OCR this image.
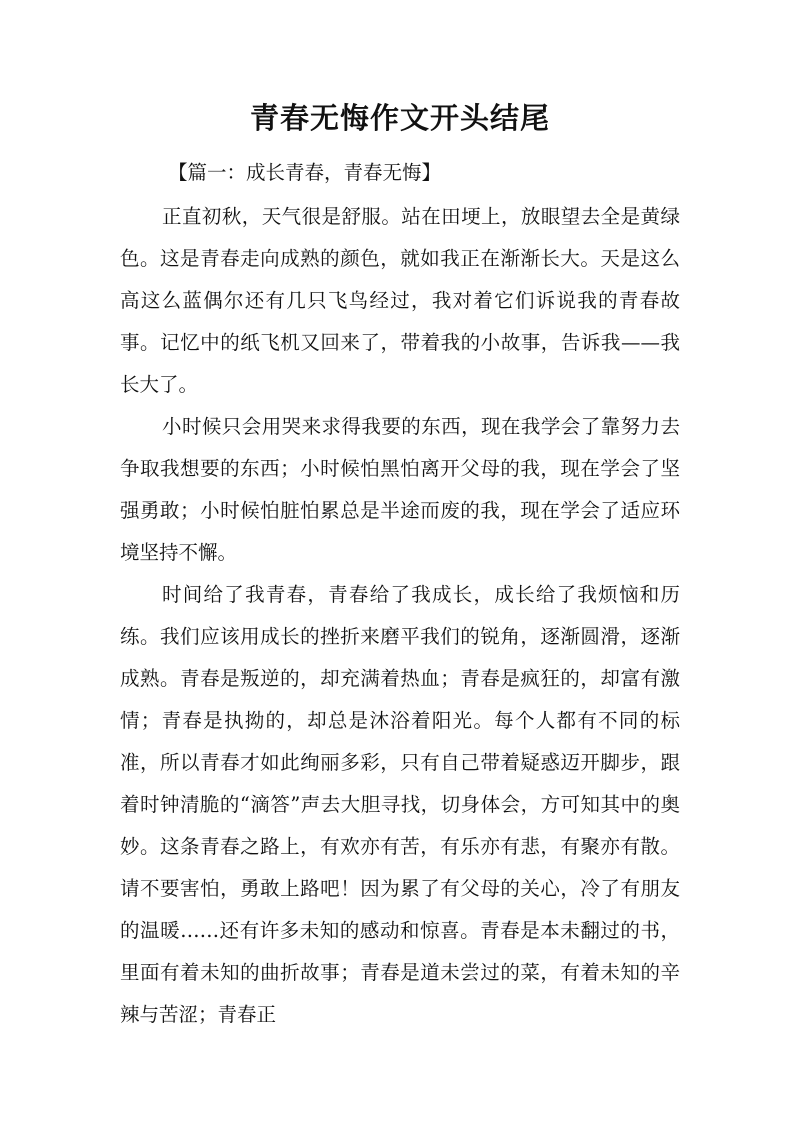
青春无悔作文开头结尾

【篇一：成长青春，青春无悔】

正直初秋，天气很是舒服。站在田埂上，放眼望去全是黄绿色。这是青春走向成熟的颜色，就如我正在渐渐长大。天是这么高这么蓝偶尔还有几只飞鸟经过，我对着它们诉说我的青春故事。记忆中的纸飞机又回来了，带着我的小故事，告诉我——我长大了。

小时候只会用哭来求得我要的东西，现在我学会了靠努力去争取我想要的东西；小时候怕黑怕离开父母的我，现在学会了坚强勇敢；小时候怕脏怕累总是半途而废的我，现在学会了适应环境坚持不懈。

时间给了我青春，青春给了我成长，成长给了我烦恼和历练。我们应该用成长的挫折来磨平我们的锐角，逐渐圆滑，逐渐成熟。青春是叛逆的，却充满着热血；青春是疯狂的，却富有激情；青春是执拗的，却总是沐浴着阳光。每个人都有不同的标准，所以青春才如此绚丽多彩，只有自己带着疑惑迈开脚步，跟着时钟清脆的“滴答”声去大胆寻找，切身体会，方可知其中的奥妙。这条青春之路上，有欢亦有苦，有乐亦有悲，有聚亦有散。请不要害怕，勇敢上路吧！因为累了有父母的关心，冷了有朋友的温暖……还有许多未知的感动和惊喜。青春是本未翻过的书，里面有着未知的曲折故事；青春是道未尝过的菜，有着未知的辛辣与苦涩；青春正
